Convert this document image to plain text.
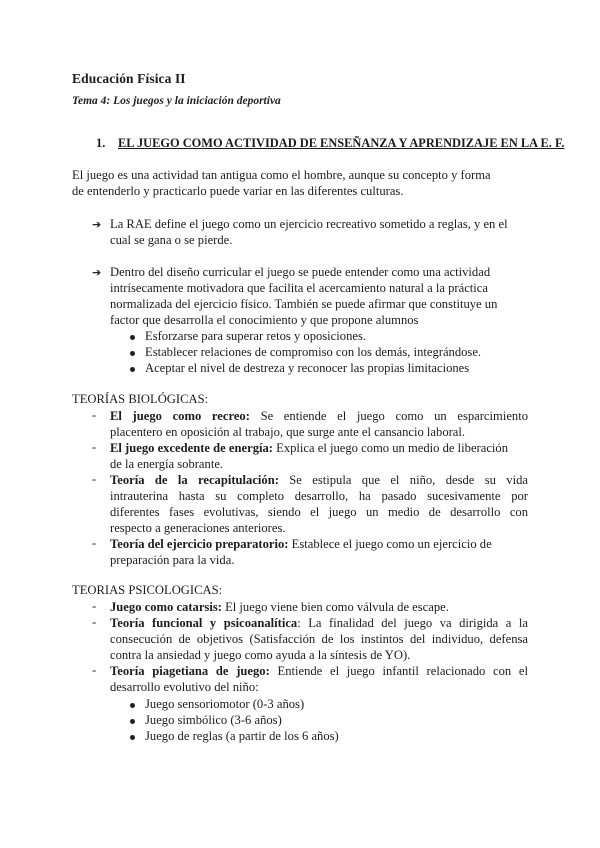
Educación Física II
Tema 4: Los juegos y la iniciación deportiva
1. EL JUEGO COMO ACTIVIDAD DE ENSEÑANZA Y APRENDIZAJE EN LA E. F.
El juego es una actividad tan antigua como el hombre, aunque su concepto y forma
de entenderlo y practicarlo puede variar en las diferentes culturas.
➔ La RAE define el juego como un ejercicio recreativo sometido a reglas, y en el
cual se gana o se pierde.
➔ Dentro del diseño curricular el juego se puede entender como una actividad
intrísecamente motivadora que facilita el acercamiento natural a la práctica
normalizada del ejercicio físico. También se puede afirmar que constituye un
factor que desarrolla el conocimiento y que propone alumnos
Esforzarse para superar retos y oposiciones.
Establecer relaciones de compromiso con los demás, integrándose.
Aceptar el nivel de destreza y reconocer las propias limitaciones
TEORÍAS BIOLÓGICAS:
- El juego como recreo: Se entiende el juego como un esparcimiento
placentero en oposición al trabajo, que surge ante el cansancio laboral.
- El juego excedente de energía: Explica el juego como un medio de liberación
de la energía sobrante.
- Teoría de la recapitulación: Se estipula que el niño, desde su vida
intrauterina hasta su completo desarrollo, ha pasado sucesivamente por
diferentes fases evolutivas, siendo el juego un medio de desarrollo con
respecto a generaciones anteriores.
- Teoría del ejercicio preparatorio: Establece el juego como un ejercicio de
preparación para la vida.
TEORIAS PSICOLOGICAS:
- Juego como catarsis: El juego viene bien como válvula de escape.
- Teoría funcional y psicoanalítica: La finalidad del juego va dirigida a la
consecución de objetivos (Satisfacción de los instintos del individuo, defensa
contra la ansiedad y juego como ayuda a la síntesis de YO).
- Teoría piagetiana de juego: Entiende el juego infantil relacionado con el
desarrollo evolutivo del niño:
Juego sensoriomotor (0-3 años)
Juego simbólico (3-6 años)
Juego de reglas (a partir de los 6 años)
